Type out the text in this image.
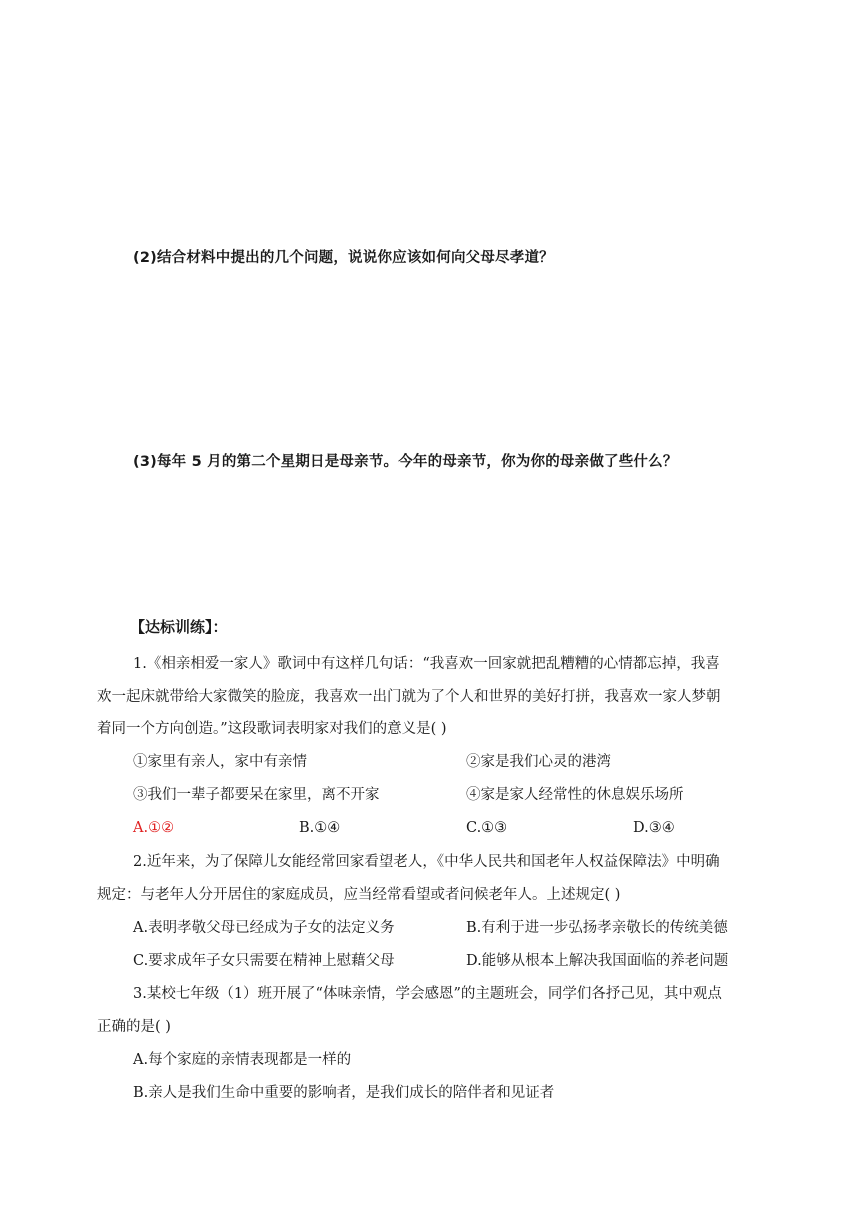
(2)结合材料中提出的几个问题，说说你应该如何向父母尽孝道？
(3)每年 5 月的第二个星期日是母亲节。今年的母亲节，你为你的母亲做了些什么？
【达标训练】：
1.《相亲相爱一家人》歌词中有这样几句话：“我喜欢一回家就把乱糟糟的心情都忘掉，我喜
欢一起床就带给大家微笑的脸庞，我喜欢一出门就为了个人和世界的美好打拼，我喜欢一家人梦朝
着同一个方向创造。”这段歌词表明家对我们的意义是( )
①家里有亲人，家中有亲情	②家是我们心灵的港湾
③我们一辈子都要呆在家里，离不开家	④家是家人经常性的休息娱乐场所
A.①②	B.①④	C.①③	D.③④
2.近年来，为了保障儿女能经常回家看望老人，《中华人民共和国老年人权益保障法》中明确
规定：与老年人分开居住的家庭成员，应当经常看望或者问候老年人。上述规定( )
A.表明孝敬父母已经成为子女的法定义务	B.有利于进一步弘扬孝亲敬长的传统美德
C.要求成年子女只需要在精神上慰藉父母	D.能够从根本上解决我国面临的养老问题
3.某校七年级（1）班开展了“体味亲情，学会感恩”的主题班会，同学们各抒己见，其中观点
正确的是( )
A.每个家庭的亲情表现都是一样的
B.亲人是我们生命中重要的影响者，是我们成长的陪伴者和见证者
